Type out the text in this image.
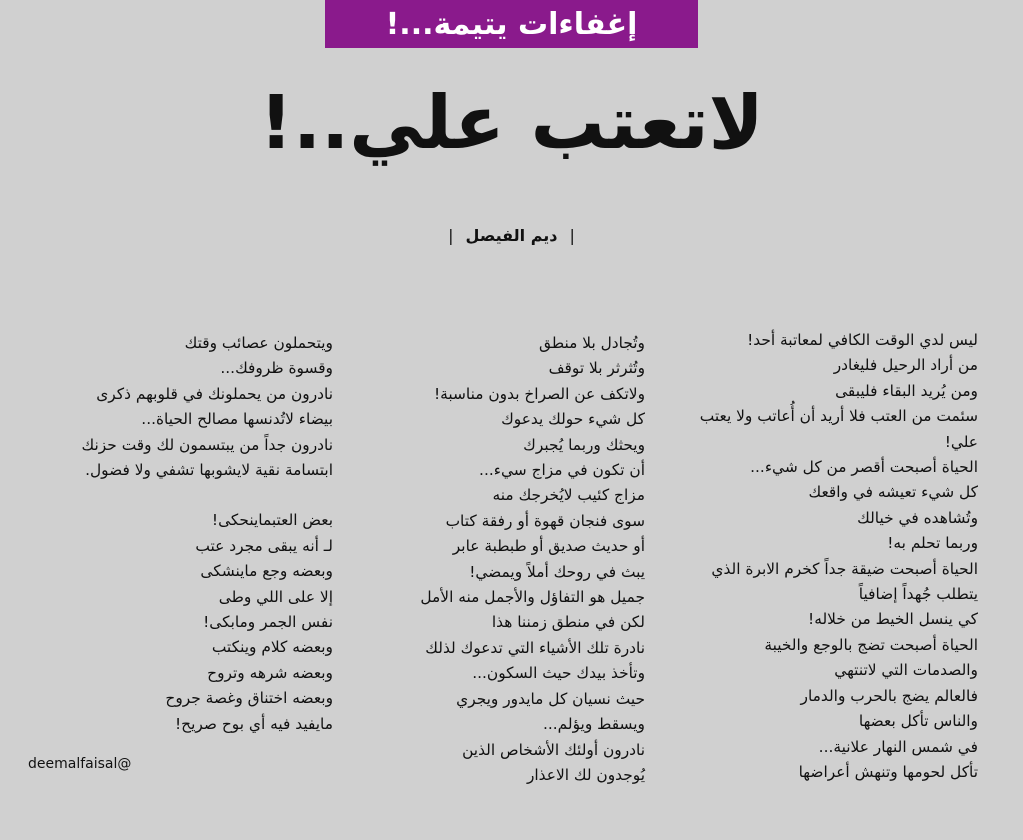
إغفاءات يتيمة...!
لاتعتب علي..!
|
ديم الفيصل
|
ليس لدي الوقت الكافي لمعاتبة أحد!
من أراد الرحيل فليغادر
ومن يُريد البقاء فليبقى
سئمت من العتب فلا أريد أن أُعاتب ولا يعتب
علي!
الحياة أصبحت أقصر من كل شيء...
كل شيء تعيشه في واقعك
وتُشاهده في خيالك
وربما تحلم به!
الحياة أصبحت ضيقة جداً كخرم الابرة الذي
يتطلب جُهداً إضافياً
كي ينسل الخيط من خلاله!
الحياة أصبحت تضج بالوجع والخيبة
والصدمات التي لاتنتهي
فالعالم يضج بالحرب والدمار
والناس تأكل بعضها
في شمس النهار علانية...
تأكل لحومها وتنهش أعراضها
وتُجادل بلا منطق
وتُثرثر بلا توقف
ولاتكف عن الصراخ بدون مناسبة!
كل شيء حولك يدعوك
ويحثك وربما يُجبرك
أن تكون في مزاج سيء...
مزاج كئيب لايُخرجك منه
سوى فنجان قهوة أو رفقة كتاب
أو حديث صديق أو طبطبة عابر
يبث في روحك أملاً ويمضي!
جميل هو التفاؤل والأجمل منه الأمل
لكن في منطق زمننا هذا
نادرة تلك الأشياء التي تدعوك لذلك
وتأخذ بيدك حيث السكون...
حيث نسيان كل مايدور ويجري
ويسقط ويؤلم...
نادرون أولئك الأشخاص الذين
يُوجدون لك الاعذار
ويتحملون عصائب وقتك
وقسوة ظروفك...
نادرون من يحملونك في قلوبهم ذكرى
بيضاء لاتُدنسها مصالح الحياة...
نادرون جداً من يبتسمون لك وقت حزنك
ابتسامة نقية لايشوبها تشفي ولا فضول.
بعض العتبماينحكى!
لـ أنه يبقى مجرد عتب
وبعضه وجع ماينشكى
إلا على اللي وطى
نفس الجمر ومابكى!
وبعضه كلام وينكتب
وبعضه شرهه وتروح
وبعضه اختناق وغصة جروح
مايفيد فيه أي بوح صريح!
deemalfaisal@
